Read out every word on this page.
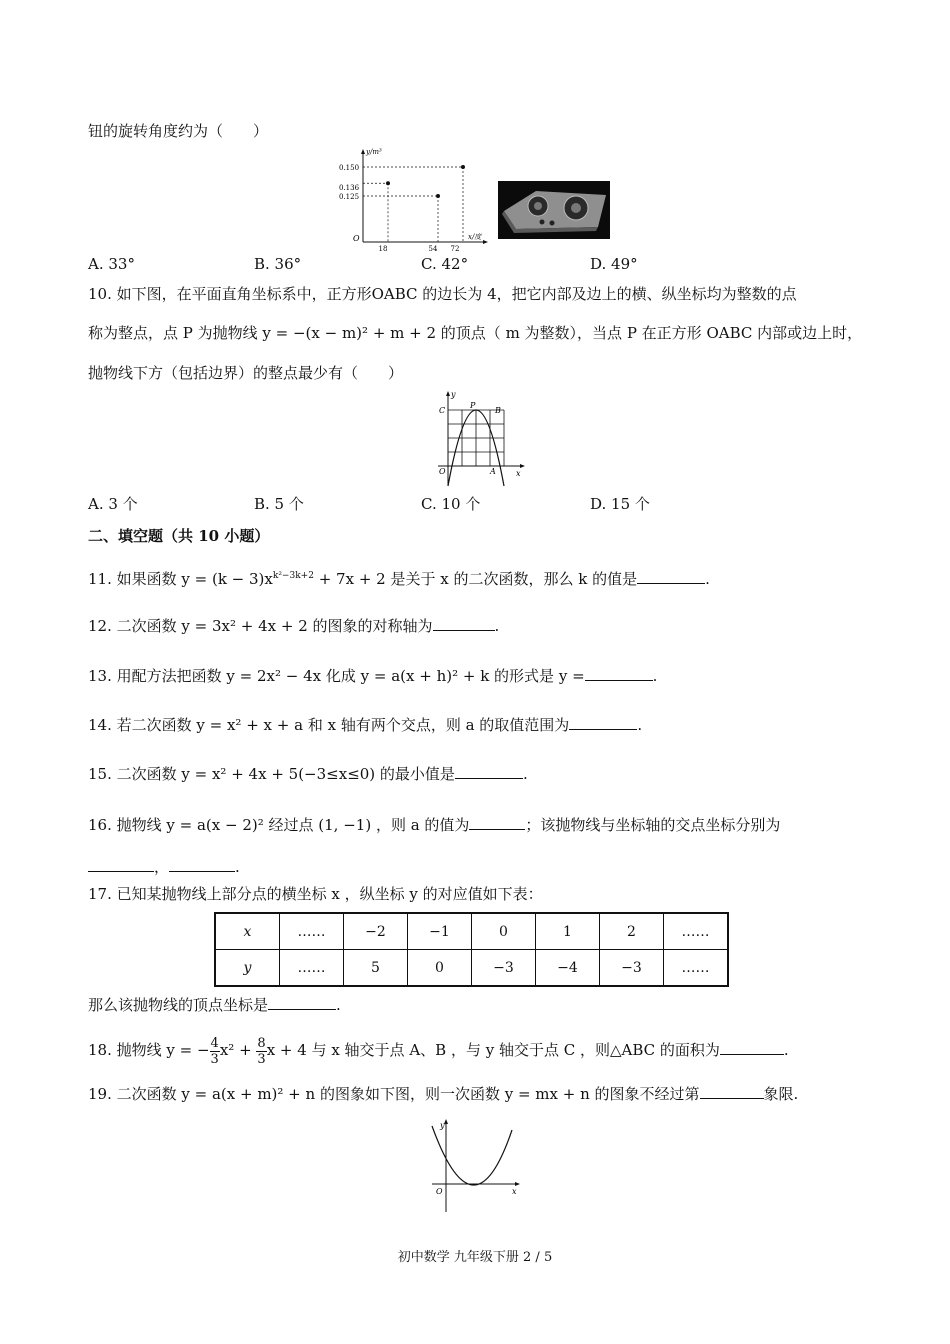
钮的旋转角度约为（　　）
y/m³
x/度
O
0.150
0.136
0.125
18	54 72
A. 33°	B. 36°	C. 42°	D. 49°
10. 如下图，在平面直角坐标系中，正方形OABC 的边长为 4，把它内部及边上的横、纵坐标均为整数的点
称为整点，点 P 为抛物线 y = −(x − m)² + m + 2 的顶点（ m 为整数），当点 P 在正方形 OABC 内部或边上时，
抛物线下方（包括边界）的整点最少有（　　）
y
x
O
C
P
B
A
A. 3 个	B. 5 个	C. 10 个	D. 15 个
二、填空题（共 10 小题）
11. 如果函数 $y = (k - 3)x^{k^2-3k+2} + 7x + 2$ 是关于 x 的二次函数，那么 k 的值是	.
12. 二次函数 y = 3x² + 4x + 2 的图象的对称轴为	.
13. 用配方法把函数 y = 2x² − 4x 化成 y = a(x + h)² + k 的形式是 y =	.
14. 若二次函数 y = x² + x + a 和 x 轴有两个交点，则 a 的取值范围为	.
15. 二次函数 y = x² + 4x + 5(−3≤x≤0) 的最小值是	.
16. 抛物线 y = a(x − 2)² 经过点 (1, −1) ，则 a 的值为	；该抛物线与坐标轴的交点坐标分别为
，	.
17. 已知某抛物线上部分点的横坐标 x ，纵坐标 y 的对应值如下表：
x	……	−2	−1	0	1	2	……
y	……	5	0	−3	−4	−3	……
那么该抛物线的顶点坐标是	.
18. 抛物线 y = − $\frac{4}{3} x^2 + \frac{8}{3}$ x + 4 与 x 轴交于点 A、B ，与 y 轴交于点 C ，则△ABC 的面积为	.
19. 二次函数 y = a(x + m)² + n 的图象如下图，则一次函数 y = mx + n 的图象不经过第	象限.
y
x
O
初中数学 九年级下册 2 / 5
